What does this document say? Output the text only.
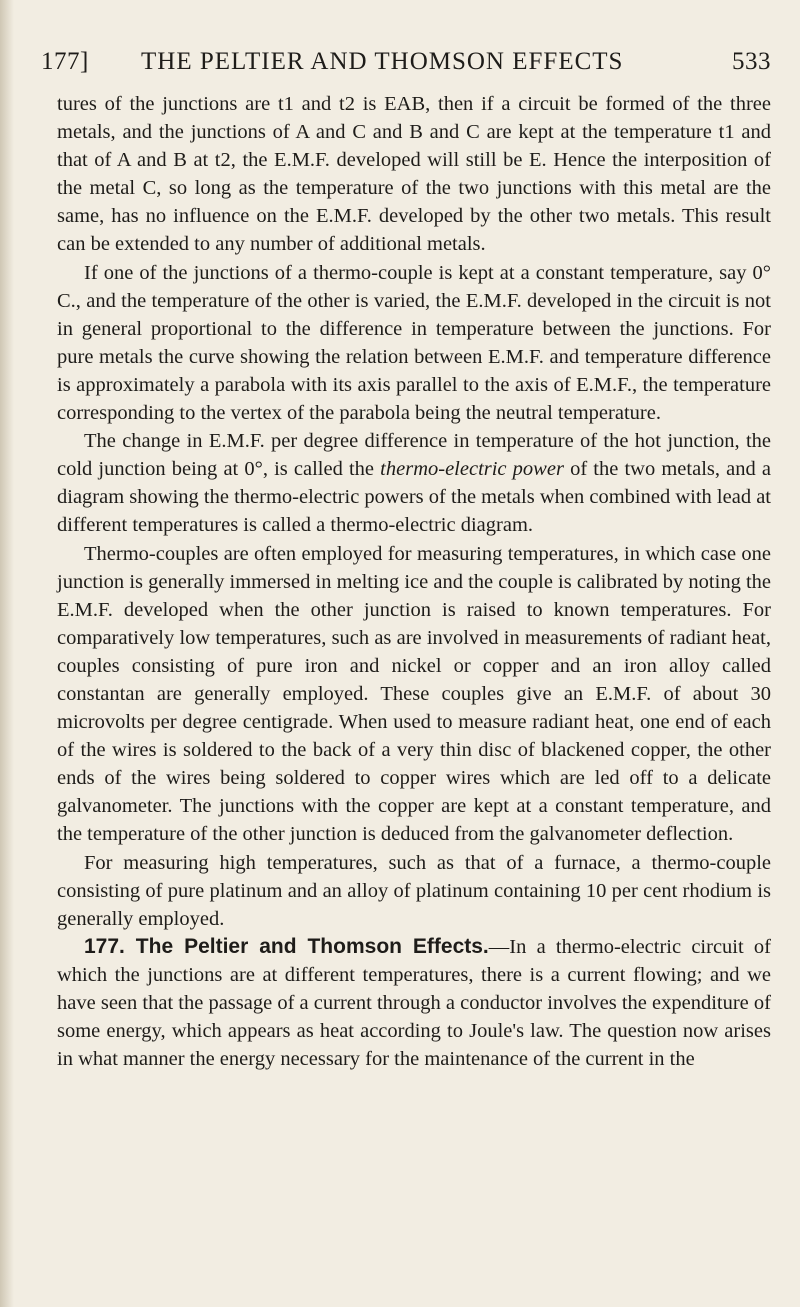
177] THE PELTIER AND THOMSON EFFECTS	533

tures of the junctions are t1 and t2 is EAB, then if a circuit be formed of the three metals, and the junctions of A and C and B and C are kept at the temperature t1 and that of A and B at t2, the E.M.F. developed will still be E. Hence the interposition of the metal C, so long as the temperature of the two junctions with this metal are the same, has no influence on the E.M.F. developed by the other two metals. This result can be extended to any number of additional metals.

If one of the junctions of a thermo-couple is kept at a constant temperature, say 0° C., and the temperature of the other is varied, the E.M.F. developed in the circuit is not in general proportional to the difference in temperature between the junctions. For pure metals the curve showing the relation between E.M.F. and temperature difference is approximately a parabola with its axis parallel to the axis of E.M.F., the temperature corresponding to the vertex of the parabola being the neutral temperature.

The change in E.M.F. per degree difference in temperature of the hot junction, the cold junction being at 0°, is called the thermo-electric power of the two metals, and a diagram showing the thermo-electric powers of the metals when combined with lead at different temperatures is called a thermo-electric diagram.

Thermo-couples are often employed for measuring temperatures, in which case one junction is generally immersed in melting ice and the couple is calibrated by noting the E.M.F. developed when the other junction is raised to known temperatures. For comparatively low temperatures, such as are involved in measurements of radiant heat, couples consisting of pure iron and nickel or copper and an iron alloy called constantan are generally employed. These couples give an E.M.F. of about 30 microvolts per degree centigrade. When used to measure radiant heat, one end of each of the wires is soldered to the back of a very thin disc of blackened copper, the other ends of the wires being soldered to copper wires which are led off to a delicate galvanometer. The junctions with the copper are kept at a constant temperature, and the temperature of the other junction is deduced from the galvanometer deflection.

For measuring high temperatures, such as that of a furnace, a thermo-couple consisting of pure platinum and an alloy of platinum containing 10 per cent rhodium is generally employed.

177. The Peltier and Thomson Effects.—In a thermo-electric circuit of which the junctions are at different temperatures, there is a current flowing; and we have seen that the passage of a current through a conductor involves the expenditure of some energy, which appears as heat according to Joule's law. The question now arises in what manner the energy necessary for the maintenance of the current in the
